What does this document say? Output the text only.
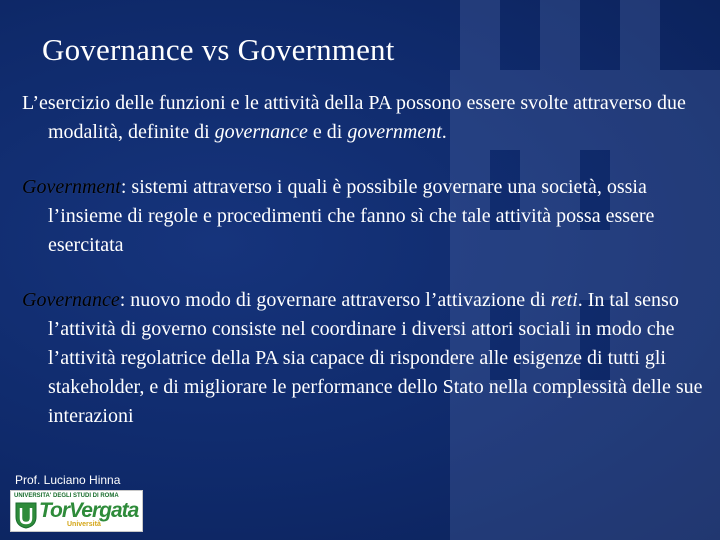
Governance vs Government

L’esercizio delle funzioni e le attività della PA possono essere svolte attraverso due modalità, definite di governance e di government.

Government: sistemi attraverso i quali è possibile governare una società, ossia l’insieme di regole e procedimenti che fanno sì che tale attività possa essere esercitata

Governance: nuovo modo di governare attraverso l’attivazione di reti. In tal senso l’attività di governo consiste nel coordinare i diversi attori sociali in modo che l’attività regolatrice della PA sia capace di rispondere alle esigenze di tutti gli stakeholder, e di migliorare le performance dello Stato nella complessità delle sue interazioni

Prof. Luciano Hinna
UNIVERSITA' DEGLI STUDI DI ROMA
TorVergata
Università
